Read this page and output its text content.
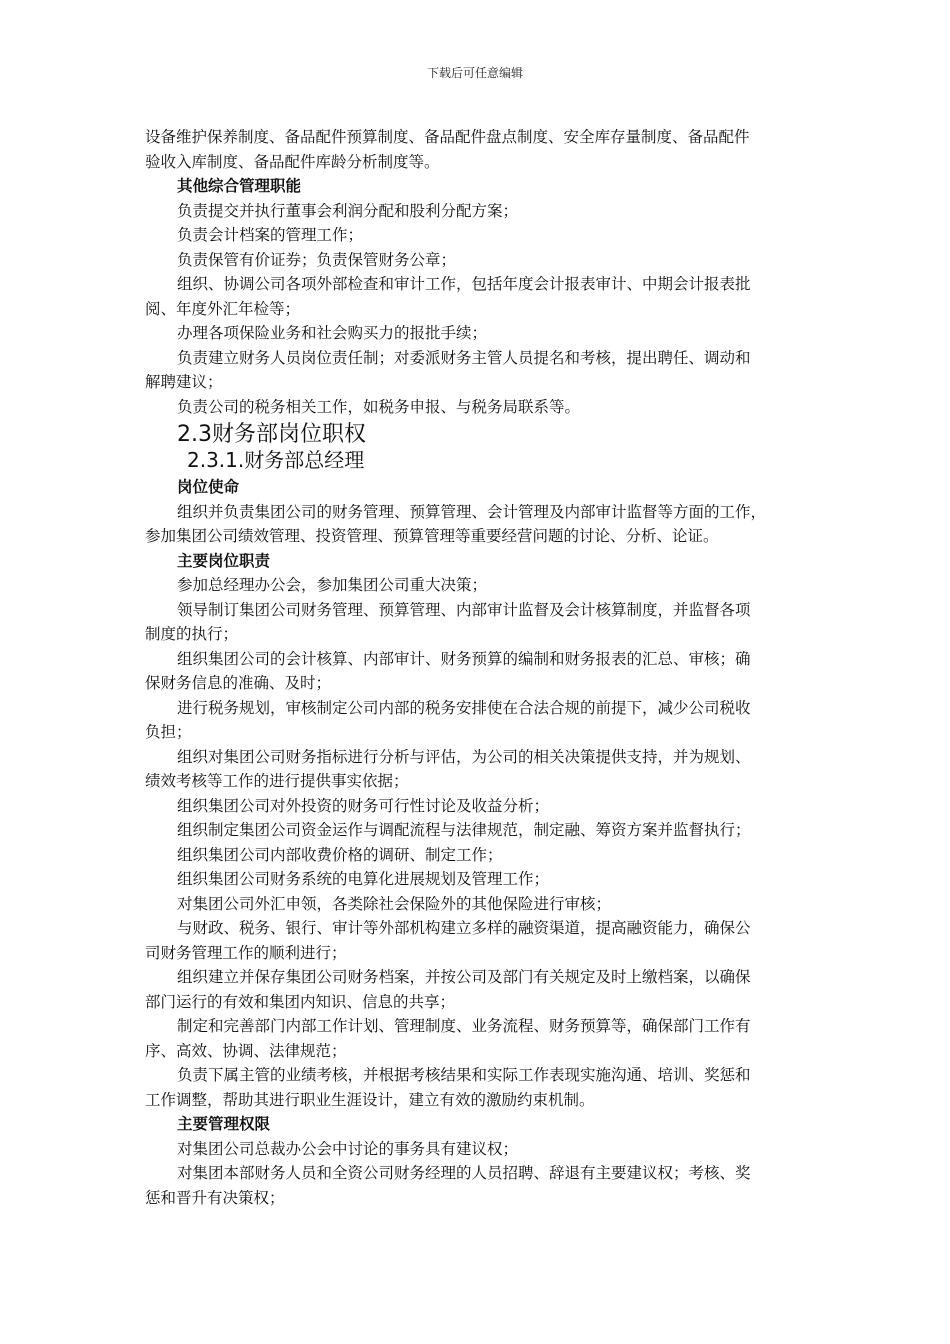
下载后可任意编辑

设备维护保养制度、备品配件预算制度、备品配件盘点制度、安全库存量制度、备品配件

验收入库制度、备品配件库龄分析制度等。

其他综合管理职能

负责提交并执行董事会利润分配和股利分配方案；

负责会计档案的管理工作；

负责保管有价证券；负责保管财务公章；

组织、协调公司各项外部检查和审计工作，包括年度会计报表审计、中期会计报表批

阅、年度外汇年检等；

办理各项保险业务和社会购买力的报批手续；

负责建立财务人员岗位责任制；对委派财务主管人员提名和考核，提出聘任、调动和

解聘建议；

负责公司的税务相关工作，如税务申报、与税务局联系等。

2.3财务部岗位职权
2.3.1.财务部总经理
岗位使命

组织并负责集团公司的财务管理、预算管理、会计管理及内部审计监督等方面的工作，

参加集团公司绩效管理、投资管理、预算管理等重要经营问题的讨论、分析、论证。

主要岗位职责

参加总经理办公会，参加集团公司重大决策；

领导制订集团公司财务管理、预算管理、内部审计监督及会计核算制度，并监督各项

制度的执行；

组织集团公司的会计核算、内部审计、财务预算的编制和财务报表的汇总、审核；确

保财务信息的准确、及时；

进行税务规划，审核制定公司内部的税务安排使在合法合规的前提下，减少公司税收

负担；

组织对集团公司财务指标进行分析与评估，为公司的相关决策提供支持，并为规划、

绩效考核等工作的进行提供事实依据；

组织集团公司对外投资的财务可行性讨论及收益分析；

组织制定集团公司资金运作与调配流程与法律规范，制定融、筹资方案并监督执行；

组织集团公司内部收费价格的调研、制定工作；

组织集团公司财务系统的电算化进展规划及管理工作；

对集团公司外汇申领，各类除社会保险外的其他保险进行审核；

与财政、税务、银行、审计等外部机构建立多样的融资渠道，提高融资能力，确保公

司财务管理工作的顺利进行；

组织建立并保存集团公司财务档案，并按公司及部门有关规定及时上缴档案，以确保

部门运行的有效和集团内知识、信息的共享；

制定和完善部门内部工作计划、管理制度、业务流程、财务预算等，确保部门工作有

序、高效、协调、法律规范；

负责下属主管的业绩考核，并根据考核结果和实际工作表现实施沟通、培训、奖惩和

工作调整，帮助其进行职业生涯设计，建立有效的激励约束机制。

主要管理权限

对集团公司总裁办公会中讨论的事务具有建议权；

对集团本部财务人员和全资公司财务经理的人员招聘、辞退有主要建议权；考核、奖

惩和晋升有决策权；
